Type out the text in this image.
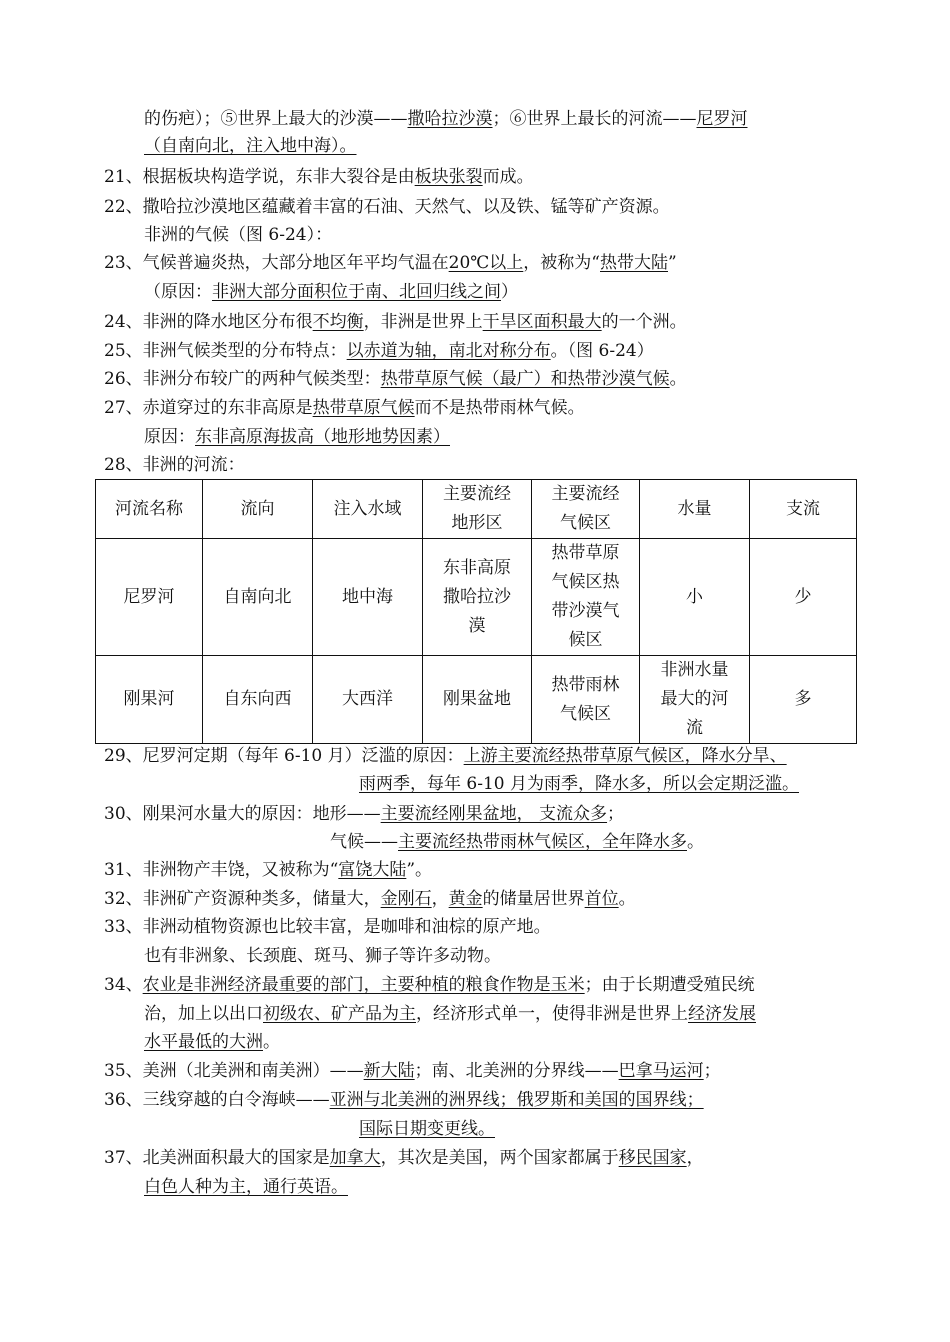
的伤疤）；⑤世界上最大的沙漠——撒哈拉沙漠；⑥世界上最长的河流——尼罗河
（自南向北，注入地中海）。
21、根据板块构造学说，东非大裂谷是由板块张裂而成。
22、撒哈拉沙漠地区蕴藏着丰富的石油、天然气、以及铁、锰等矿产资源。
非洲的气候（图 6-24）：
23、气候普遍炎热，大部分地区年平均气温在20℃以上，被称为“热带大陆”
（原因：非洲大部分面积位于南、北回归线之间）
24、非洲的降水地区分布很不均衡，非洲是世界上干旱区面积最大的一个洲。
25、非洲气候类型的分布特点：以赤道为轴，南北对称分布。（图 6-24）
26、非洲分布较广的两种气候类型：热带草原气候（最广）和热带沙漠气候。
27、赤道穿过的东非高原是热带草原气候而不是热带雨林气候。
原因：东非高原海拔高（地形地势因素）
28、非洲的河流：
河流名称	流向	注入水域	主要流经地形区	主要流经气候区	水量	支流
尼罗河	自南向北	地中海	东非高原撒哈拉沙漠	热带草原气候区热带沙漠气候区	小	少
刚果河	自东向西	大西洋	刚果盆地	热带雨林气候区	非洲水量最大的河流	多
29、尼罗河定期（每年 6-10 月）泛滥的原因：上游主要流经热带草原气候区，降水分旱、
雨两季，每年 6-10 月为雨季，降水多，所以会定期泛滥。
30、刚果河水量大的原因：地形——主要流经刚果盆地， 支流众多；
气候——主要流经热带雨林气候区，全年降水多。
31、非洲物产丰饶，又被称为“富饶大陆”。
32、非洲矿产资源种类多，储量大，金刚石，黄金的储量居世界首位。
33、非洲动植物资源也比较丰富，是咖啡和油棕的原产地。
也有非洲象、长颈鹿、斑马、狮子等许多动物。
34、农业是非洲经济最重要的部门，主要种植的粮食作物是玉米；由于长期遭受殖民统
治，加上以出口初级农、矿产品为主，经济形式单一，使得非洲是世界上经济发展
水平最低的大洲。
35、美洲（北美洲和南美洲）——新大陆；南、北美洲的分界线——巴拿马运河；
36、三线穿越的白令海峡——亚洲与北美洲的洲界线；俄罗斯和美国的国界线；
国际日期变更线。
37、北美洲面积最大的国家是加拿大，其次是美国，两个国家都属于移民国家，
白色人种为主，通行英语。
